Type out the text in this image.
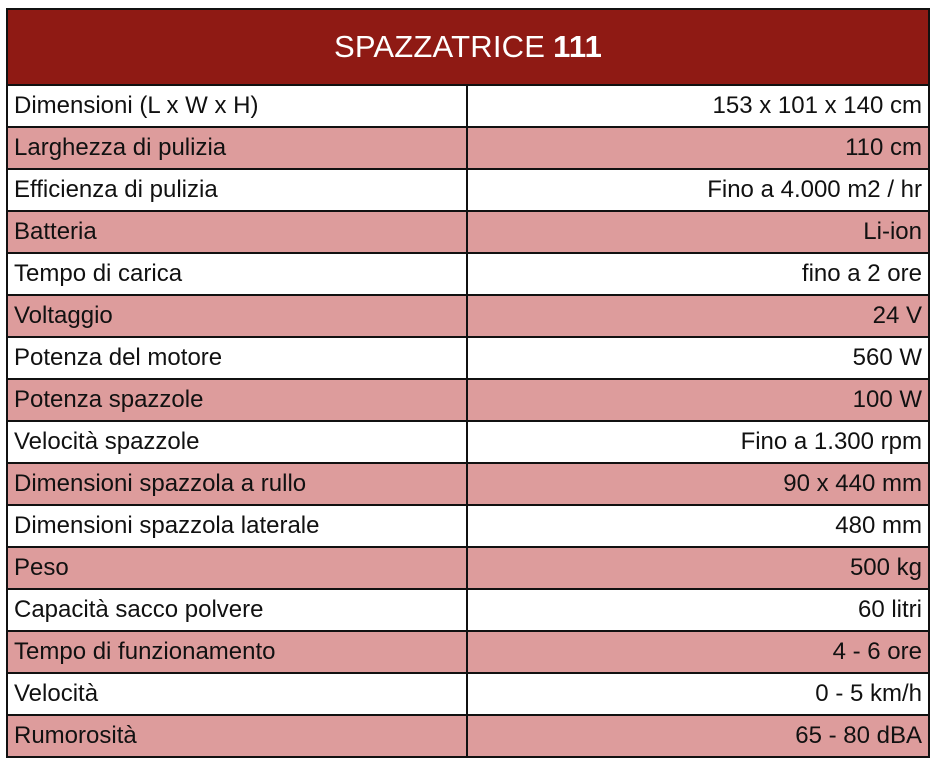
SPAZZATRICE 111
Dimensioni (L x W x H)	153 x 101 x 140 cm
Larghezza di pulizia	110 cm
Efficienza di pulizia	Fino a 4.000 m2 / hr
Batteria	Li-ion
Tempo di carica	fino a 2 ore
Voltaggio	24 V
Potenza del motore	560 W
Potenza spazzole	100 W
Velocità spazzole	Fino a 1.300 rpm
Dimensioni spazzola a rullo	90 x 440 mm
Dimensioni spazzola laterale	480 mm
Peso	500 kg
Capacità sacco polvere	60 litri
Tempo di funzionamento	4 - 6 ore
Velocità	0 - 5 km/h
Rumorosità	65 - 80 dBA
